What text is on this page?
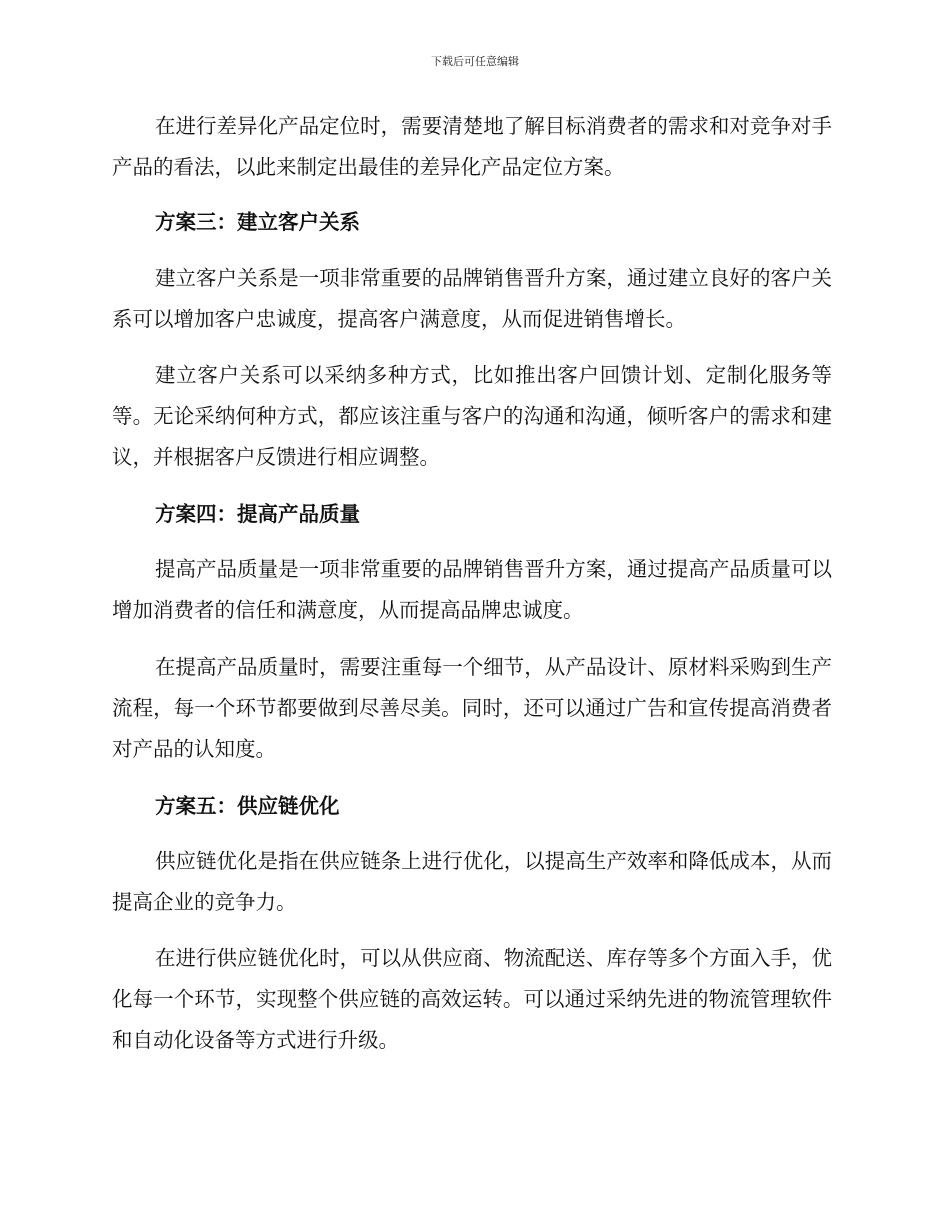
下载后可任意编辑

在进行差异化产品定位时，需要清楚地了解目标消费者的需求和对竞争对手产品的看法，以此来制定出最佳的差异化产品定位方案。

方案三：建立客户关系

建立客户关系是一项非常重要的品牌销售晋升方案，通过建立良好的客户关系可以增加客户忠诚度，提高客户满意度，从而促进销售增长。

建立客户关系可以采纳多种方式，比如推出客户回馈计划、定制化服务等等。无论采纳何种方式，都应该注重与客户的沟通和沟通，倾听客户的需求和建议，并根据客户反馈进行相应调整。

方案四：提高产品质量

提高产品质量是一项非常重要的品牌销售晋升方案，通过提高产品质量可以增加消费者的信任和满意度，从而提高品牌忠诚度。

在提高产品质量时，需要注重每一个细节，从产品设计、原材料采购到生产流程，每一个环节都要做到尽善尽美。同时，还可以通过广告和宣传提高消费者对产品的认知度。

方案五：供应链优化

供应链优化是指在供应链条上进行优化，以提高生产效率和降低成本，从而提高企业的竞争力。

在进行供应链优化时，可以从供应商、物流配送、库存等多个方面入手，优化每一个环节，实现整个供应链的高效运转。可以通过采纳先进的物流管理软件和自动化设备等方式进行升级。
